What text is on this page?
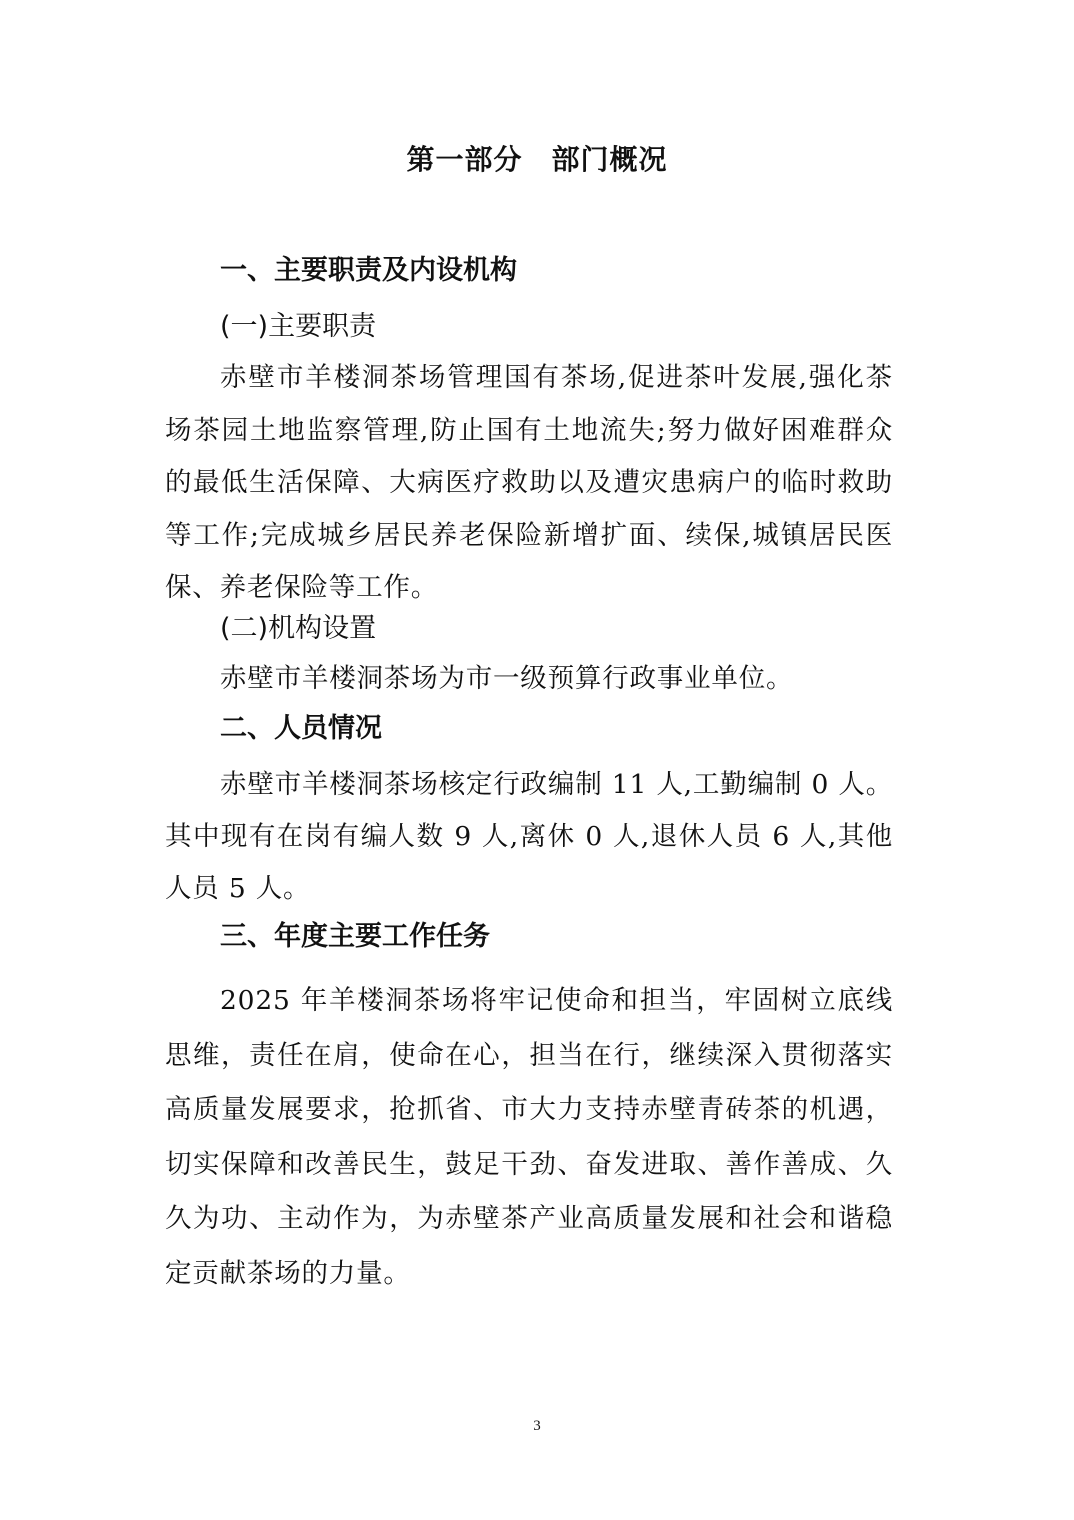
第一部分　部门概况
一、主要职责及内设机构
(一)主要职责

赤壁市羊楼洞茶场管理国有茶场,促进茶叶发展,强化茶场茶园土地监察管理,防止国有土地流失;努力做好困难群众的最低生活保障、大病医疗救助以及遭灾患病户的临时救助等工作;完成城乡居民养老保险新增扩面、续保,城镇居民医保、养老保险等工作。

(二)机构设置

赤壁市羊楼洞茶场为市一级预算行政事业单位。

二、人员情况

赤壁市羊楼洞茶场核定行政编制 11 人,工勤编制 0 人。其中现有在岗有编人数 9 人,离休 0 人,退休人员 6 人,其他人员 5 人。

三、年度主要工作任务

2025 年羊楼洞茶场将牢记使命和担当，牢固树立底线思维，责任在肩，使命在心，担当在行，继续深入贯彻落实高质量发展要求，抢抓省、市大力支持赤壁青砖茶的机遇，切实保障和改善民生，鼓足干劲、奋发进取、善作善成、久久为功、主动作为，为赤壁茶产业高质量发展和社会和谐稳定贡献茶场的力量。

3
